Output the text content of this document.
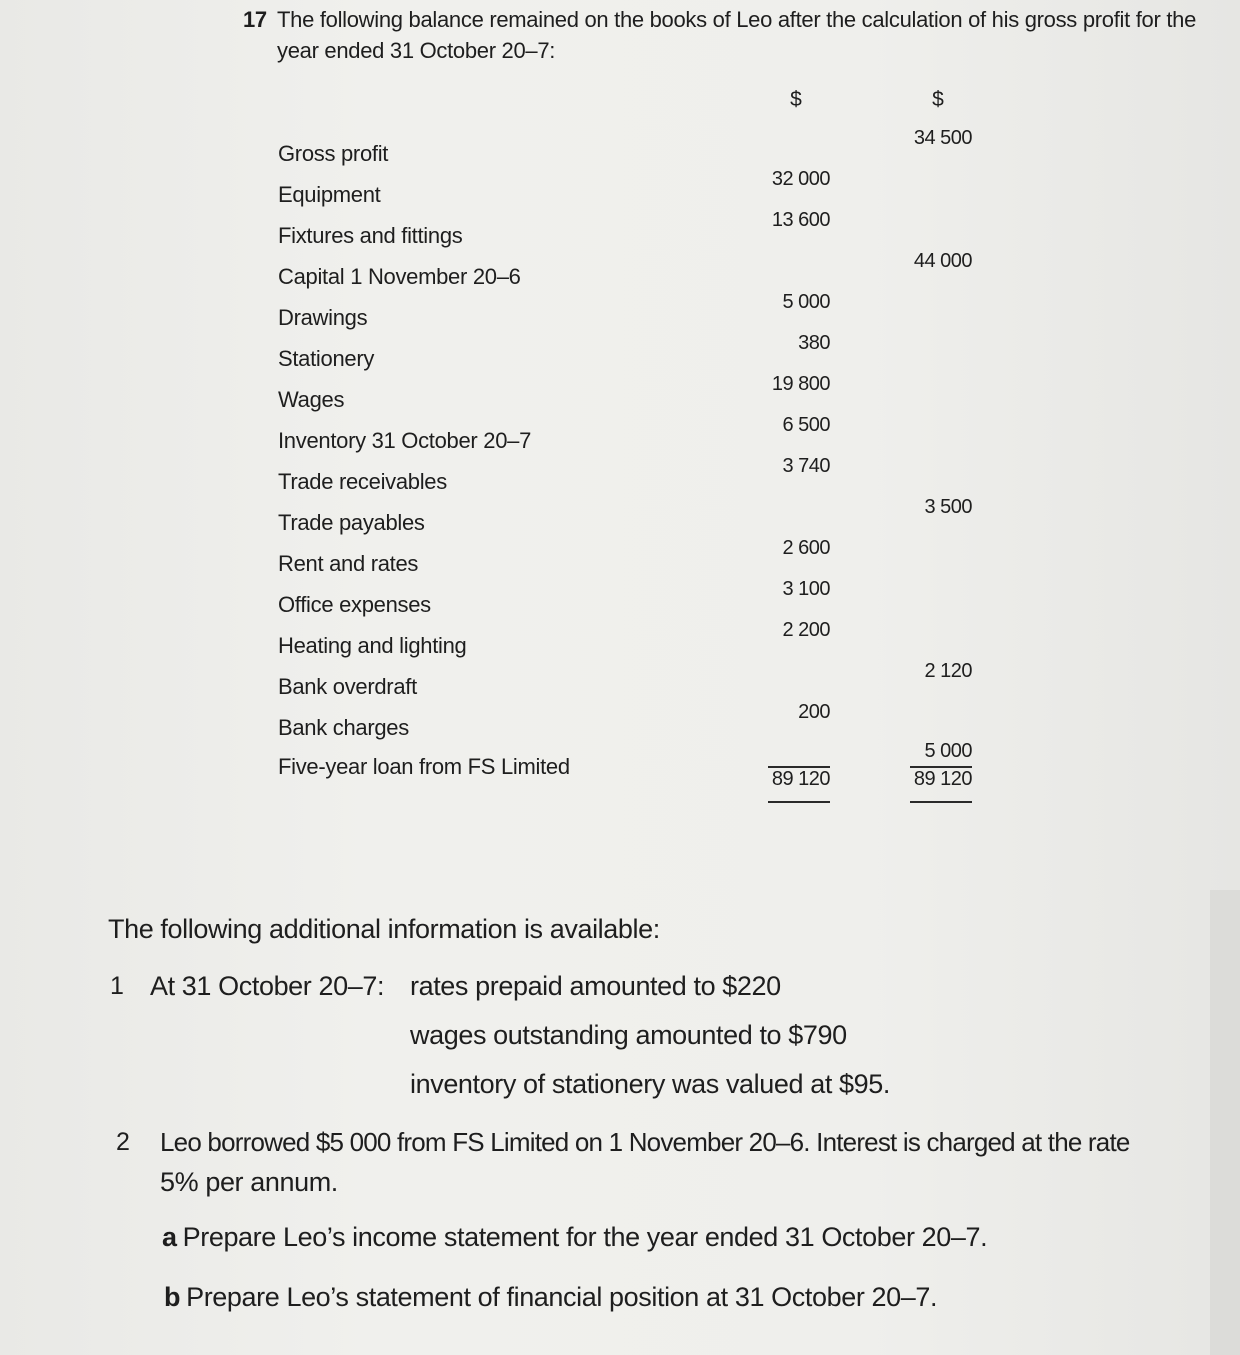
17 The following balance remained on the books of Leo after the calculation of his gross profit for the year ended 31 October 20–7:
$	$
Gross profit
34 500
Equipment
32 000
Fixtures and fittings
13 600
Capital 1 November 20–6
44 000
Drawings
5 000
Stationery
380
Wages
19 800
Inventory 31 October 20–7
6 500
Trade receivables
3 740
Trade payables
3 500
Rent and rates
2 600
Office expenses
3 100
Heating and lighting
2 200
Bank overdraft
2 120
Bank charges
200
Five-year loan from FS Limited
5 000
89 120	89 120
The following additional information is available:
1 At 31 October 20–7: rates prepaid amounted to $220
wages outstanding amounted to $790
inventory of stationery was valued at $95.
2 Leo borrowed $5 000 from FS Limited on 1 November 20–6. Interest is charged at the rate
5% per annum.
a Prepare Leo’s income statement for the year ended 31 October 20–7.
b Prepare Leo’s statement of financial position at 31 October 20–7.
